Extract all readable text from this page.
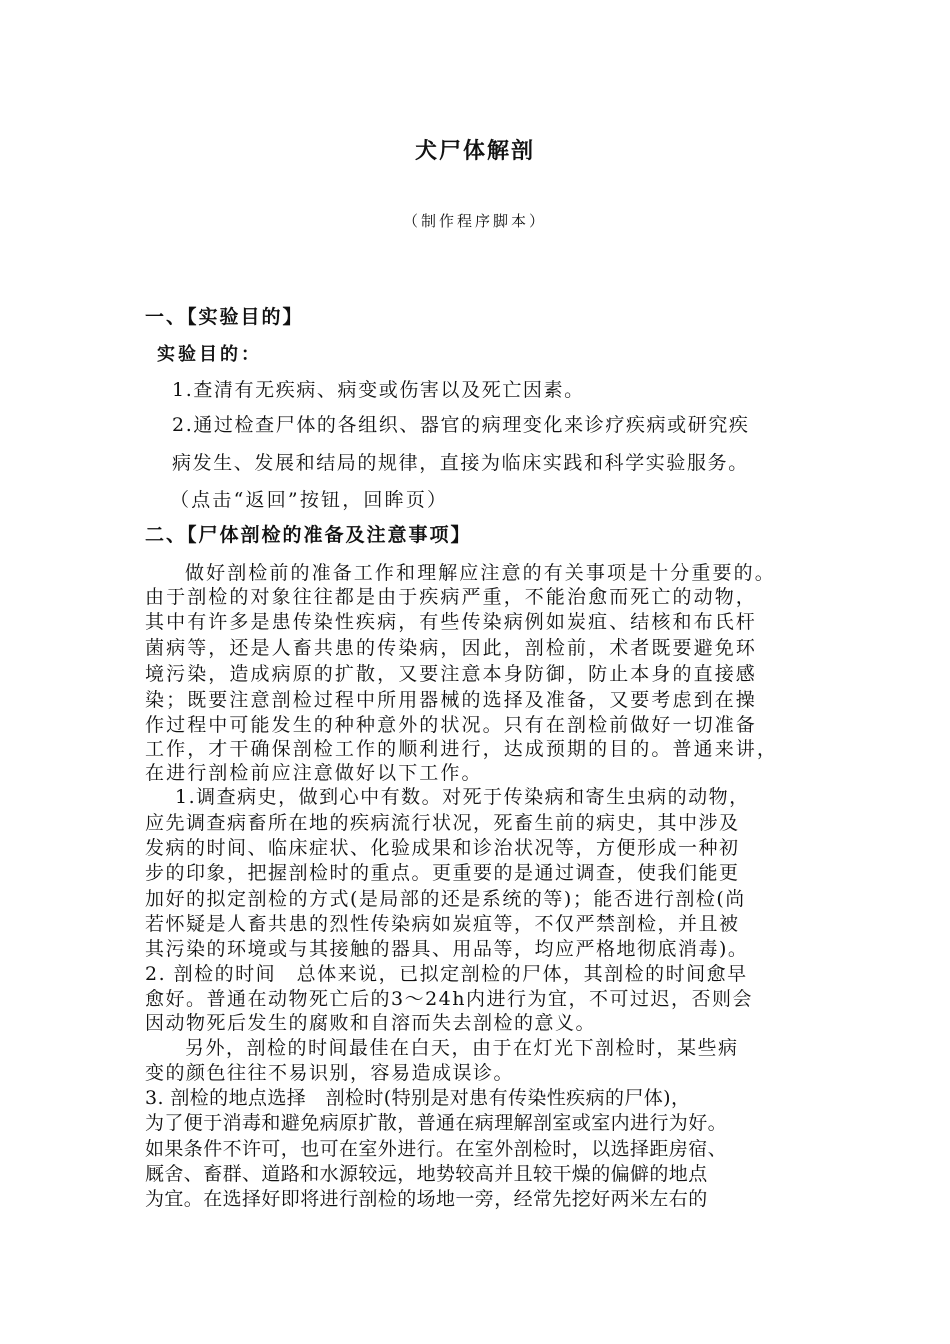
犬尸体解剖
（制作程序脚本）
一、【实验目的】
实验目的：
1.查清有无疾病、病变或伤害以及死亡因素。
2.通过检查尸体的各组织、器官的病理变化来诊疗疾病或研究疾
病发生、发展和结局的规律，直接为临床实践和科学实验服务。
（点击“返回”按钮，回眸页）
二、【尸体剖检的准备及注意事项】
做好剖检前的准备工作和理解应注意的有关事项是十分重要的。
由于剖检的对象往往都是由于疾病严重，不能治愈而死亡的动物，
其中有许多是患传染性疾病，有些传染病例如炭疽、结核和布氏杆
菌病等，还是人畜共患的传染病，因此，剖检前，术者既要避免环
境污染，造成病原的扩散，又要注意本身防御，防止本身的直接感
染；既要注意剖检过程中所用器械的选择及准备，又要考虑到在操
作过程中可能发生的种种意外的状况。只有在剖检前做好一切准备
工作，才干确保剖检工作的顺利进行，达成预期的目的。普通来讲，
在进行剖检前应注意做好以下工作。
1.调查病史，做到心中有数。对死于传染病和寄生虫病的动物，
应先调查病畜所在地的疾病流行状况，死畜生前的病史，其中涉及
发病的时间、临床症状、化验成果和诊治状况等，方便形成一种初
步的印象，把握剖检时的重点。更重要的是通过调查，使我们能更
加好的拟定剖检的方式(是局部的还是系统的等)；能否进行剖检(尚
若怀疑是人畜共患的烈性传染病如炭疽等，不仅严禁剖检，并且被
其污染的环境或与其接触的器具、用品等，均应严格地彻底消毒)。
2. 剖检的时间　总体来说，已拟定剖检的尸体，其剖检的时间愈早
愈好。普通在动物死亡后的3～24h内进行为宜，不可过迟，否则会
因动物死后发生的腐败和自溶而失去剖检的意义。
另外，剖检的时间最佳在白天，由于在灯光下剖检时，某些病
变的颜色往往不易识别，容易造成误诊。
3. 剖检的地点选择　剖检时(特别是对患有传染性疾病的尸体)，
为了便于消毒和避免病原扩散，普通在病理解剖室或室内进行为好。
如果条件不许可，也可在室外进行。在室外剖检时，以选择距房宿、
厩舍、畜群、道路和水源较远，地势较高并且较干燥的偏僻的地点
为宜。在选择好即将进行剖检的场地一旁，经常先挖好两米左右的
